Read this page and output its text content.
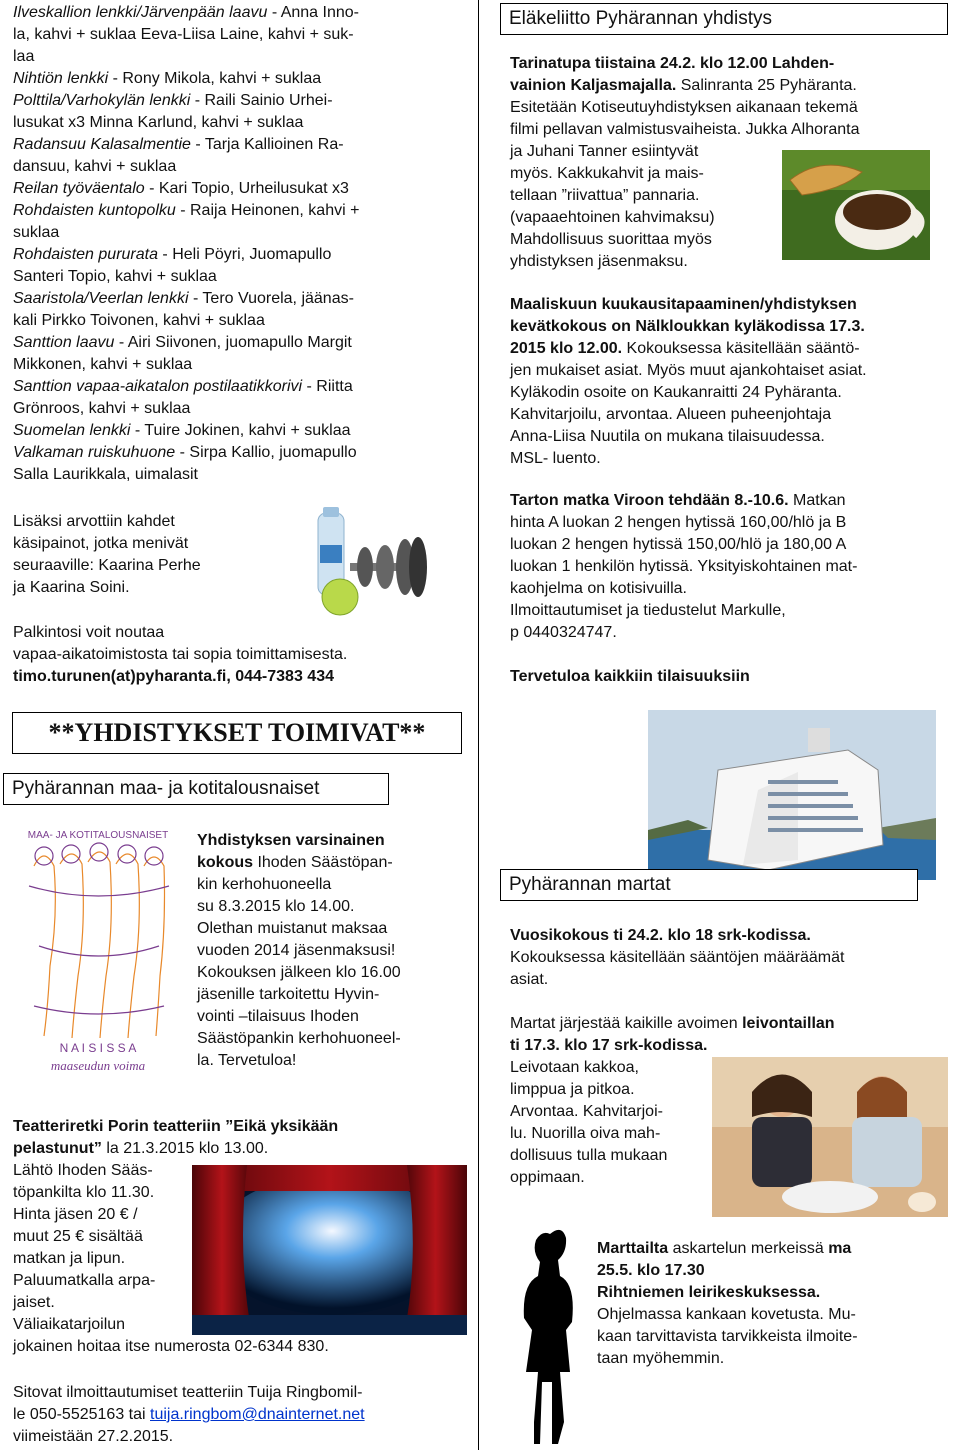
Ilveskallion lenkki/Järvenpään laavu - Anna Inno-
la, kahvi + suklaa Eeva-Liisa Laine, kahvi + suk-
laa
Nihtiön lenkki - Rony Mikola, kahvi + suklaa
Polttila/Varhokylän lenkki - Raili Sainio Urhei-
lusukat x3 Minna Karlund, kahvi + suklaa
Radansuu Kalasalmentie - Tarja Kallioinen Ra-
dansuu, kahvi + suklaa
Reilan työväentalo - Kari Topio, Urheilusukat x3
Rohdaisten kuntopolku - Raija Heinonen, kahvi +
suklaa
Rohdaisten pururata - Heli Pöyri, Juomapullo
Santeri Topio, kahvi + suklaa
Saaristola/Veerlan lenkki - Tero Vuorela, jäänas-
kali Pirkko Toivonen, kahvi + suklaa
Santtion laavu - Airi Siivonen, juomapullo Margit
Mikkonen, kahvi + suklaa
Santtion vapaa-aikatalon postilaatikkorivi - Riitta
Grönroos, kahvi + suklaa
Suomelan lenkki - Tuire Jokinen, kahvi + suklaa
Valkaman ruiskuhuone - Sirpa Kallio, juomapullo
Salla Laurikkala, uimalasit
Lisäksi arvottiin kahdet
käsipainot, jotka menivät
seuraaville: Kaarina Perhe
ja Kaarina Soini.
Palkintosi voit noutaa
vapaa-aikatoimistosta tai sopia toimittamisesta.
timo.turunen(at)pyharanta.fi, 044-7383 434
**YHDISTYKSET TOIMIVAT**
Pyhärannan maa- ja kotitalousnaiset
MAA- JA KOTITALOUSNAISET
N A I S I S S A
maaseudun voima
Yhdistyksen varsinainen
kokous Ihoden Säästöpan-
kin kerhohuoneella
su 8.3.2015 klo 14.00.
Olethan muistanut maksaa
vuoden 2014 jäsenmaksusi!
Kokouksen jälkeen klo 16.00
jäsenille tarkoitettu Hyvin-
vointi –tilaisuus Ihoden
Säästöpankin kerhohuoneel-
la. Tervetuloa!
Teatteriretki Porin teatteriin ”Eikä yksikään
pelastunut” la 21.3.2015 klo 13.00.
Lähtö Ihoden Sääs-
töpankilta klo 11.30.
Hinta jäsen 20 € /
muut 25 € sisältää
matkan ja lipun.
Paluumatkalla arpa-
jaiset.
Väliaikatarjoilun
jokainen hoitaa itse numerosta 02-6344 830.
Sitovat ilmoittautumiset teatteriin Tuija Ringbomil-
le 050-5525163 tai tuija.ringbom@dnainternet.net
viimeistään 27.2.2015.
Eläkeliitto Pyhärannan yhdistys
Tarinatupa tiistaina 24.2. klo 12.00 Lahden-
vainion Kaljasmajalla. Salinranta 25 Pyhäranta.
Esitetään Kotiseutuyhdistyksen aikanaan tekemä
filmi pellavan valmistusvaiheista. Jukka Alhoranta
ja Juhani Tanner esiintyvät
myös. Kakkukahvit ja mais-
tellaan ”riivattua” pannaria.
(vapaaehtoinen kahvimaksu)
Mahdollisuus suorittaa myös
yhdistyksen jäsenmaksu.
Maaliskuun kuukausitapaaminen/yhdistyksen
kevätkokous on Nälkloukkan kyläkodissa 17.3.
2015 klo 12.00. Kokouksessa käsitellään sääntö-
jen mukaiset asiat. Myös muut ajankohtaiset asiat.
Kyläkodin osoite on Kaukanraitti 24 Pyhäranta.
Kahvitarjoilu, arvontaa. Alueen puheenjohtaja
Anna-Liisa Nuutila on mukana tilaisuudessa.
MSL- luento.
Tarton matka Viroon tehdään 8.-10.6. Matkan
hinta A luokan 2 hengen hytissä 160,00/hlö ja B
luokan 2 hengen hytissä 150,00/hlö ja 180,00 A
luokan 1 henkilön hytissä. Yksityiskohtainen mat-
kaohjelma on kotisivuilla.
Ilmoittautumiset ja tiedustelut Markulle,
p 0440324747.
Tervetuloa kaikkiin tilaisuuksiin
Pyhärannan martat
Vuosikokous ti 24.2. klo 18 srk-kodissa.
Kokouksessa käsitellään sääntöjen määräämät
asiat.
Martat järjestää kaikille avoimen leivontaillan
ti 17.3. klo 17 srk-kodissa.
Leivotaan kakkoa,
limppua ja pitkoa.
Arvontaa. Kahvitarjoi-
lu. Nuorilla oiva mah-
dollisuus tulla mukaan
oppimaan.
Marttailta askartelun merkeissä ma
25.5. klo 17.30
Rihtniemen leirikeskuksessa.
Ohjelmassa kankaan kovetusta. Mu-
kaan tarvittavista tarvikkeista ilmoite-
taan myöhemmin.
